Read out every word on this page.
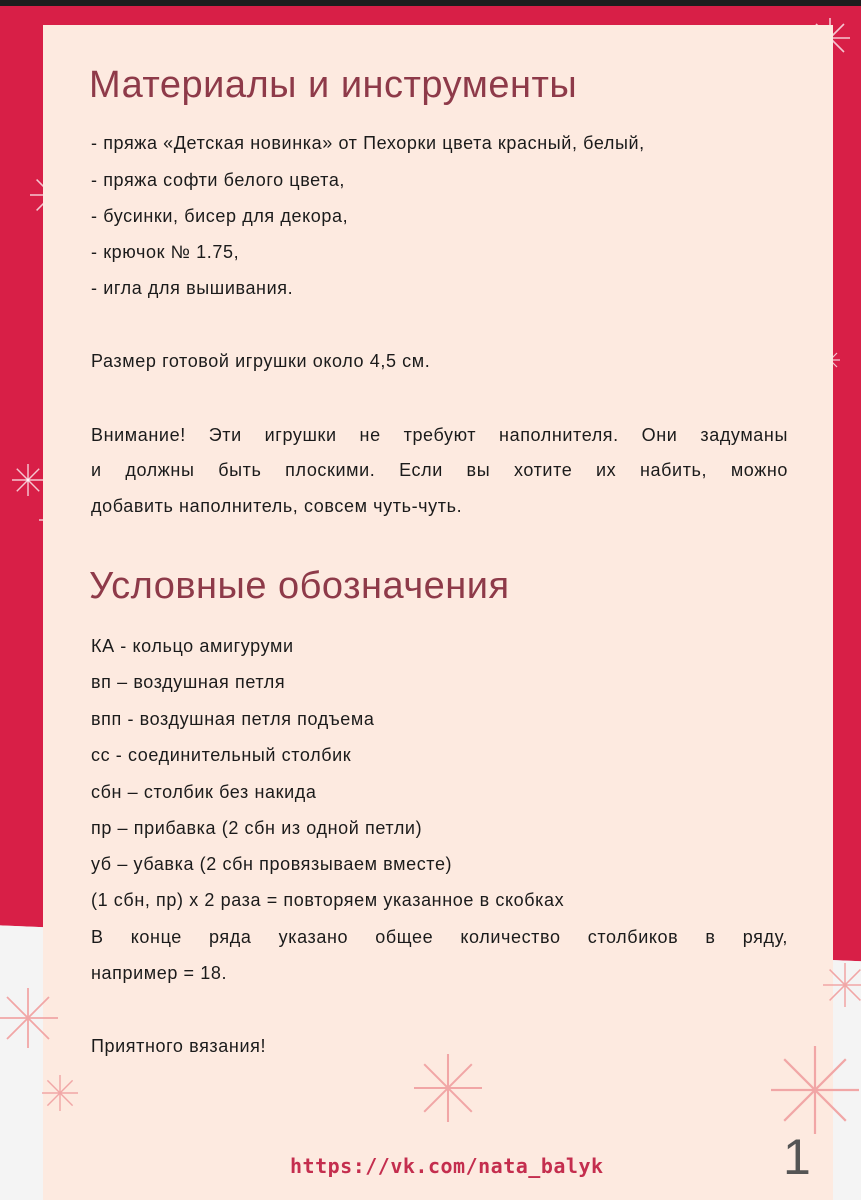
Материалы и инструменты

- пряжа «Детская новинка» от Пехорки цвета красный, белый,

- пряжа софти белого цвета,

- бусинки, бисер для декора,

- крючок № 1.75,

- игла для вышивания.

Размер готовой игрушки около 4,5 см.

Внимание! Эти игрушки не требуют наполнителя. Они задуманы

и должны быть плоскими. Если вы хотите их набить, можно

добавить наполнитель, совсем чуть-чуть.

Условные обозначения

КА - кольцо амигуруми

вп – воздушная петля

впп - воздушная петля подъема

сс - соединительный столбик

сбн – столбик без накида

пр – прибавка (2 сбн из одной петли)

уб – убавка (2 сбн провязываем вместе)

(1 сбн, пр) х 2 раза = повторяем указанное в скобках

В конце ряда указано общее количество столбиков в ряду,

например = 18.

Приятного вязания!

https://vk.com/nata_balyk	1
